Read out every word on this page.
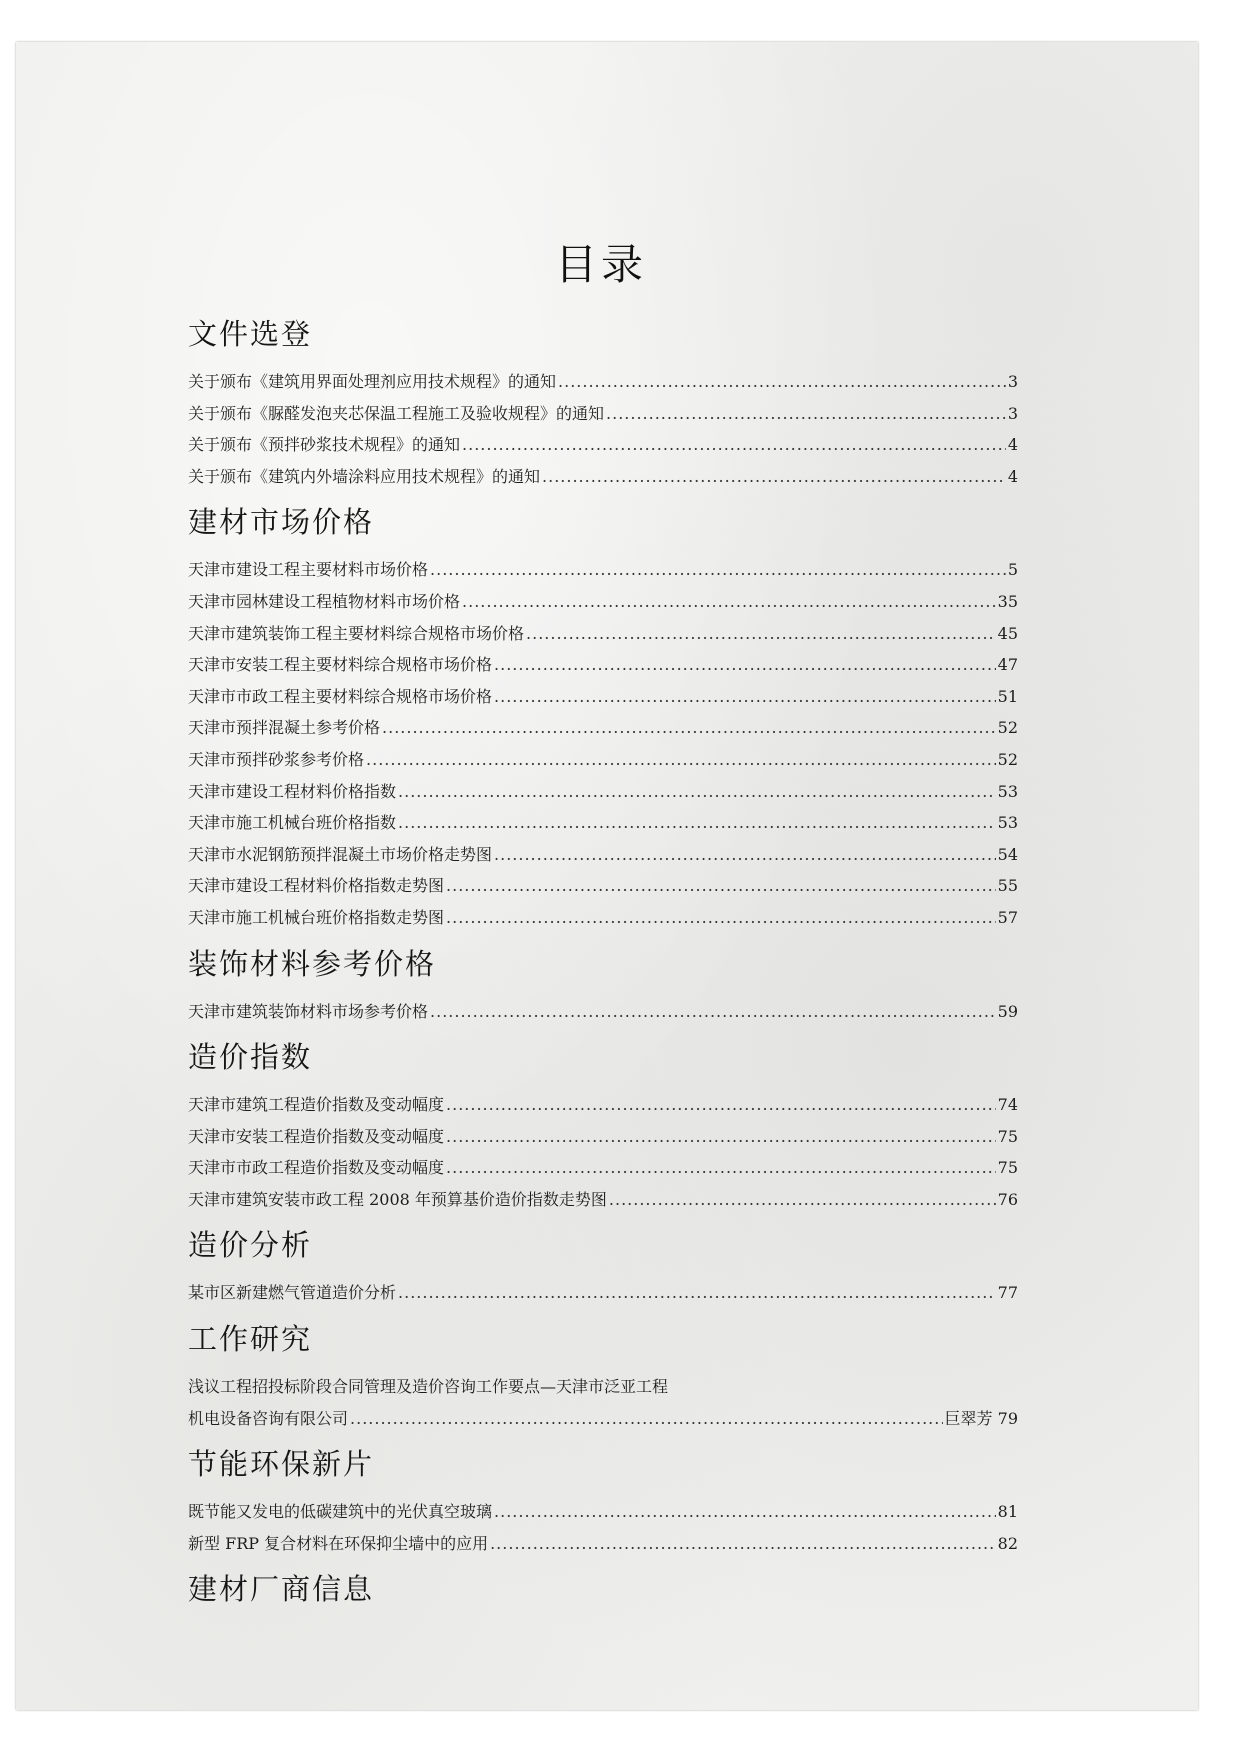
目录
文件选登
关于颁布《建筑用界面处理剂应用技术规程》的通知 .....	3
关于颁布《脲醛发泡夹芯保温工程施工及验收规程》的通知 .....	3
关于颁布《预拌砂浆技术规程》的通知 .....	4
关于颁布《建筑内外墙涂料应用技术规程》的通知 .....	4
建材市场价格
天津市建设工程主要材料市场价格 .....	5
天津市园林建设工程植物材料市场价格 .....	35
天津市建筑装饰工程主要材料综合规格市场价格 .....	45
天津市安装工程主要材料综合规格市场价格 .....	47
天津市市政工程主要材料综合规格市场价格 .....	51
天津市预拌混凝土参考价格 .....	52
天津市预拌砂浆参考价格 .....	52
天津市建设工程材料价格指数 .....	53
天津市施工机械台班价格指数 .....	53
天津市水泥钢筋预拌混凝土市场价格走势图 .....	54
天津市建设工程材料价格指数走势图 .....	55
天津市施工机械台班价格指数走势图 .....	57
装饰材料参考价格
天津市建筑装饰材料市场参考价格 .....	59
造价指数
天津市建筑工程造价指数及变动幅度 .....	74
天津市安装工程造价指数及变动幅度 .....	75
天津市市政工程造价指数及变动幅度 .....	75
天津市建筑安装市政工程 2008 年预算基价造价指数走势图 .....	76
造价分析
某市区新建燃气管道造价分析 .....	77
工作研究
浅议工程招投标阶段合同管理及造价咨询工作要点—天津市泛亚工程
机电设备咨询有限公司 .....	巨翠芳 79
节能环保新片
既节能又发电的低碳建筑中的光伏真空玻璃 .....	81
新型 FRP 复合材料在环保抑尘墙中的应用 .....	82
建材厂商信息
